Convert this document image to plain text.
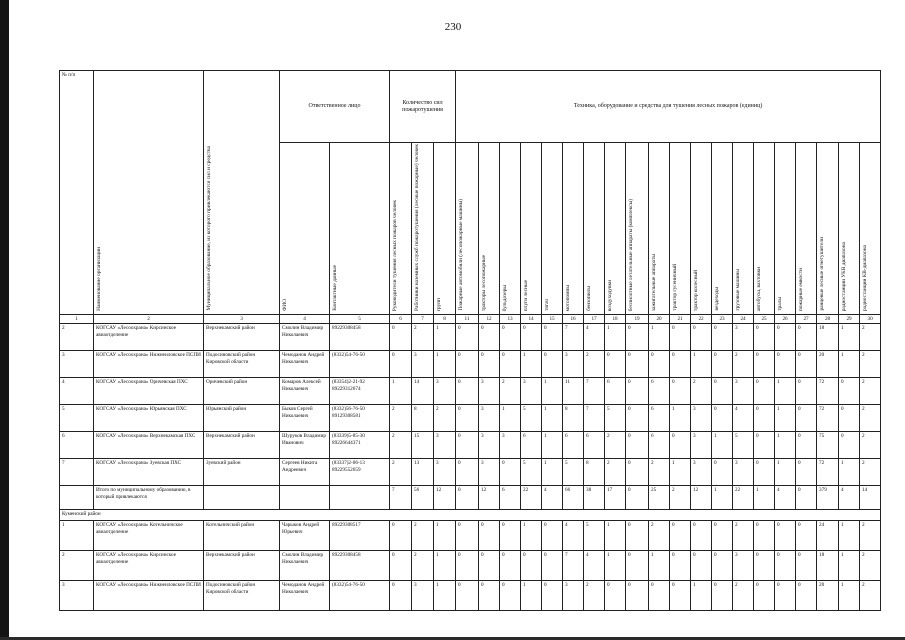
230
№ п/п	Наименование организации	Муниципальное образование, из которого привлекаются сил и средства	Ответственное лицо		Количество сил пожаротушения			Техника, оборудование и средства для тушения лесных пожаров (единиц)																			
			ФИО	Контактные данные	Руководители тушения лесных пожаров человек	Работники наземных служб пожаротушения (лесные пожарные) человек	групп	Пожарные автомобили (лесопожарные машины)	тракторы лесопожарные	бульдозеры	плуги лесные	тягач	мотопомпы	бензопилы	воздуходувки	беспилотные летательные аппараты (комплексы)	зажигательные аппараты	трактор гусеничный	трактор колесный	вездеходы	грузовые машины	автобусы, вахтовки	тралы	пожарные емкости	ранцевые лесные огнетушители	радиостанции УКВ диапазона	радиостанции КВ-диапазона
1	2	3	4	5	6	7	8	11	12	13	14	15	16	17	18	19	20	21	22	23	24	25	26	27	28	29	30
2	КОГСАУ «Лесоохрана» Кирсинское авиаотделение	Верхнекамский район	Смолин Владимир Николаевич	89229308458	0	2	1	0	0	0	0	0	7	4	1	0	1	0	0	0	3	0	0	0	18	1	2
3	КОГСАУ «Лесоохрана» Нижнеиловское ПСПИ	Подосиновский район Кировской области	Чемоданов Андрей Николаевич	(8332)54-76-50	0	3	1	0	0	0	1	0	3	2	0	0	0	0	1	0	2	0	0	0	20	1	2
4	КОГСАУ «Лесоохрана» Оричевская ПХС	Оричевский район	Комаров Алексей Николаевич	(83354)2-21-92 89229312674	1	14	3	0	3	2	3	1	11	7	6	0	6	0	2	0	3	0	1	0	72	0	2
5	КОГСАУ «Лесоохрана» Юрьянская ПХС	Юрьянский район	Быков Сергей Николаевич	(8332)56-76-50 89129308581	2	8	2	0	3	1	5	1	8	7	5	0	6	1	3	0	4	0	1	0	72	0	2
6	КОГСАУ «Лесоохрана» Верхнекамская ПХС	Верхнекамский район	Шуруков Владимир Иванович	(83339)5-85-30 89226644371	2	15	3	0	3	3	6	1	6	6	2	0	6	0	3	1	5	0	1	0	75	0	2
7	КОГСАУ «Лесоохрана» Зуевская ПХС	Зуевский район	Сергеев Никита Андреевич	(83337)2-06-13 89229552659	2	13	3	0	3	0	5	1	5	8	2	0	2	1	3	0	3	0	1	0	72	1	2
	Итого по муниципальному образованию, в который привлекаются				7	56	12	0	12	6	22	4	66	38	17	0	25	2	12	1	22	1	4	0	379	4	14
Куменский район																											
1	КОГСАУ «Лесоохрана» Котельничское авиаотделение	Котельничский район	Чарыков Андрей Юрьевич	89229308517	0	2	1	0	0	0	1	0	4	5	1	0	2	0	0	0	2	0	0	0	24	1	2
2	КОГСАУ «Лесоохрана» Кирсинское авиаотделение	Верхнекамский район	Смолин Владимир Николаевич	89229308458	0	2	1	0	0	0	0	0	7	4	1	0	1	0	0	0	3	0	0	0	18	1	2
3	КОГСАУ «Лесоохрана» Нижнеиловское ПСПИ	Подосиновский район Кировской области	Чемоданов Андрей Николаевич	(8332)54-76-50	0	3	1	0	0	0	1	0	3	2	0	0	0	0	1	0	2	0	0	0	20	1	2
